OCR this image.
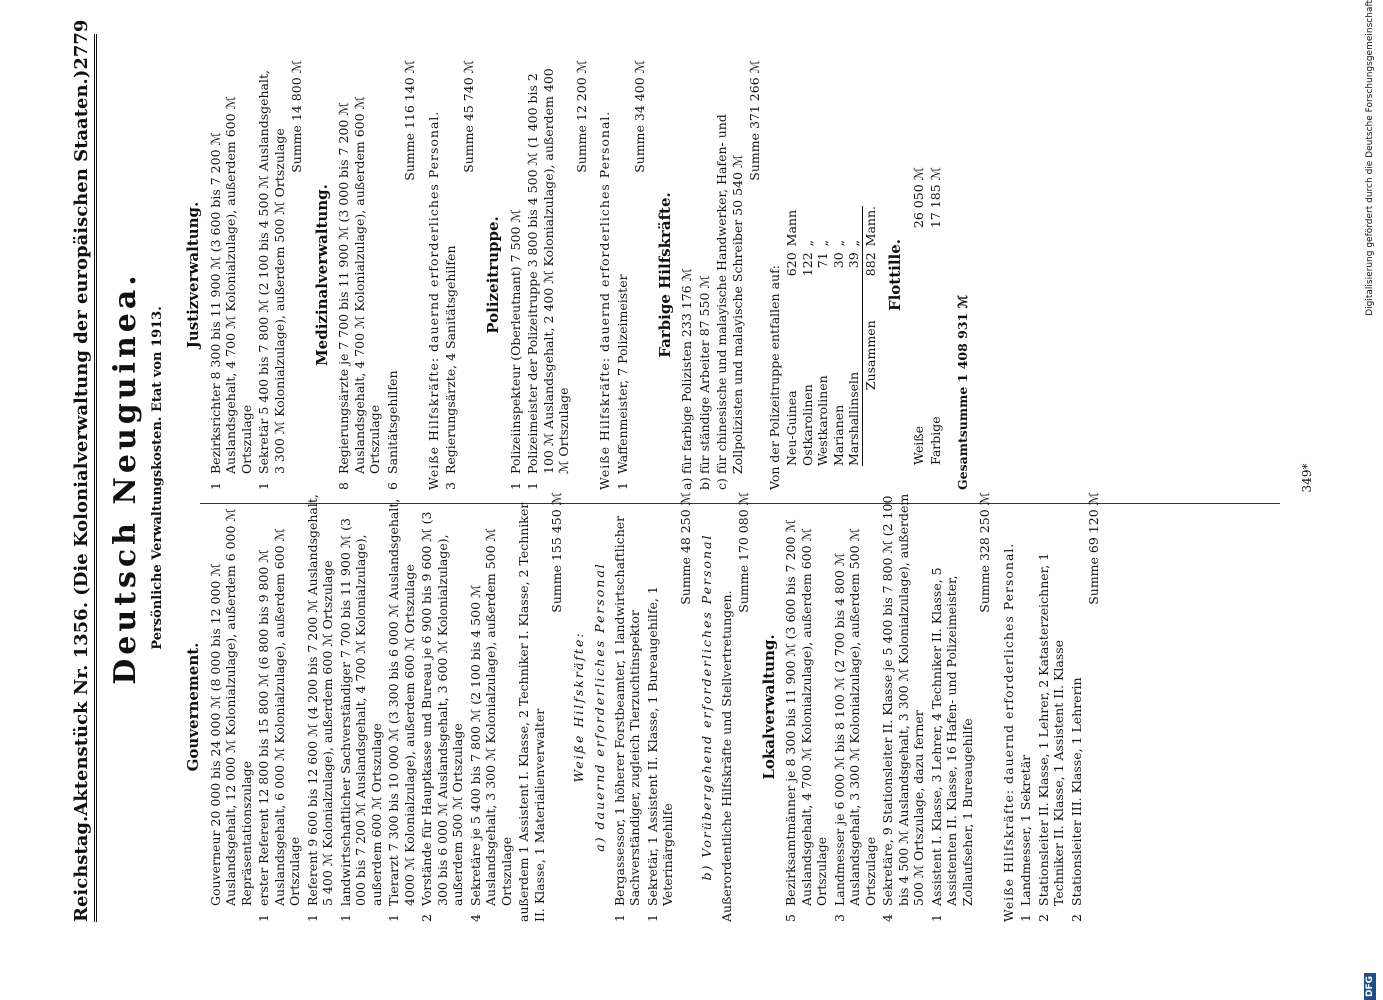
Reichstag.
Aktenstück Nr. 1356. (Die Kolonialverwaltung der europäischen Staaten.)
2779
Deutsch Neuguinea. Persönliche Verwaltungskosten. Etat von 1913.
Gouvernement. Gouverneur 20 000 bis 24 000 ℳ (8 000 bis 12 000 ℳ Auslandsgehalt, 12 000 ℳ Kolonialzulage), außerdem 6 000 ℳ Repräsentationszulage
1
erster Referent 12 800 bis 15 800 ℳ (6 800 bis 9 800 ℳ Auslandsgehalt, 6 000 ℳ Kolonialzulage), außerdem 600 ℳ Ortszulage
1
Referent 9 600 bis 12 600 ℳ (4 200 bis 7 200 ℳ Auslandsgehalt, 5 400 ℳ Kolonialzulage), außerdem 600 ℳ Ortszulage
1
landwirtschaftlicher Sachverständiger 7 700 bis 11 900 ℳ (3 000 bis 7 200 ℳ Auslandsgehalt, 4 700 ℳ Kolonialzulage), außerdem 600 ℳ Ortszulage
1
Tierarzt 7 300 bis 10 000 ℳ (3 300 bis 6 000 ℳ Auslandsgehalt, 4000 ℳ Kolonialzulage), außerdem 600 ℳ Ortszulage
2
Vorstände für Hauptkasse und Bureau je 6 900 bis 9 600 ℳ (3 300 bis 6 000 ℳ Auslandsgehalt, 3 600 ℳ Kolonialzulage), außerdem 500 ℳ Ortszulage
4
Sekretäre je 5 400 bis 7 800 ℳ (2 100 bis 4 500 ℳ Auslandsgehalt, 3 300 ℳ Kolonialzulage), außerdem 500 ℳ Ortszulage außerdem 1 Assistent I. Klasse, 2 Techniker I. Klasse, 2 Techniker II. Klasse, 1 Materialienverwalter
Summe 155 450 ℳ
Weiße Hilfskräfte: a) dauernd erforderliches Personal
1
Bergassessor, 1 höherer Forstbeamter, 1 landwirtschaftlicher Sachverständiger, zugleich Tierzuchtinspektor
1
Sekretär, 1 Assistent II. Klasse, 1 Bureaugehilfe, 1 Veterinärgehilfe
Summe 48 250 ℳ b) Vorübergehend erforderliches Personal Außerordentliche Hilfskräfte und Stellvertretungen.
Summe 170 080 ℳ
Lokalverwaltung.
5
Bezirksamtmänner je 8 300 bis 11 900 ℳ (3 600 bis 7 200 ℳ Auslandsgehalt, 4 700 ℳ Kolonialzulage), außerdem 600 ℳ Ortszulage
3
Landmesser je 6 000 ℳ bis 8 100 ℳ (2 700 bis 4 800 ℳ Auslandsgehalt, 3 300 ℳ Kolonialzulage), außerdem 500 ℳ Ortszulage
4
Sekretäre, 9 Stationsleiter II. Klasse je 5 400 bis 7 800 ℳ (2 100 bis 4 500 ℳ Auslandsgehalt, 3 300 ℳ Kolonialzulage), außerdem 500 ℳ Ortszulage, dazu ferner
1
Assistent I. Klasse, 3 Lehrer, 4 Techniker II. Klasse, 5 Assistenten II. Klasse, 16 Hafen- und Polizeimeister, Zollaufseher, 1 Bureaugehilfe
Summe 328 250 ℳ Weiße Hilfskräfte: dauernd erforderliches Personal. 1
Landmesser, 1 Sekretär
2
Stationsleiter II. Klasse, 1 Lehrer, 2 Katasterzeichner, 1 Techniker II. Klasse, 1 Assistent II. Klasse
2
Stationsleiter III. Klasse, 1 Lehrerin
Summe 69 120 ℳ
Justizverwaltung.
1
Bezirksrichter 8 300 bis 11 900 ℳ (3 600 bis 7 200 ℳ Auslandsgehalt, 4 700 ℳ Kolonialzulage), außerdem 600 ℳ Ortszulage
1
Sekretär 5 400 bis 7 800 ℳ (2 100 bis 4 500 ℳ Auslandsgehalt, 3 300 ℳ Kolonialzulage), außerdem 500 ℳ Ortszulage
Summe 14 800 ℳ
Medizinalverwaltung.
8
Regierungsärzte je 7 700 bis 11 900 ℳ (3 000 bis 7 200 ℳ Auslandsgehalt, 4 700 ℳ Kolonialzulage), außerdem 600 ℳ Ortszulage
6
Sanitätsgehilfen
Summe 116 140 ℳ Weiße Hilfskräfte: dauernd erforderliches Personal. 3
Regierungsärzte, 4 Sanitätsgehilfen
Summe 45 740 ℳ
Polizeitruppe.
1
Polizeiinspekteur (Oberleutnant) 7 500 ℳ
1
Polizeimeister der Polizeitruppe 3 800 bis 4 500 ℳ (1 400 bis 2 100 ℳ Auslandsgehalt, 2 400 ℳ Kolonialzulage), außerdem 400 ℳ Ortszulage
Summe 12 200 ℳ Weiße Hilfskräfte: dauernd erforderliches Personal. 1
Waffenmeister, 7 Polizeimeister
Summe 34 400 ℳ
Farbige Hilfskräfte.
a)
für farbige Polizisten 233 176 ℳ
b)
für ständige Arbeiter 87 550 ℳ
c)
für chinesische und malayische Handwerker, Hafen- und Zollpolizisten und malayische Schreiber 50 540 ℳ
Summe 371 266 ℳ
Von der Polizeitruppe entfallen auf: Neu-Guinea	620	Mann
Ostkarolinen	122	„
Westkarolinen	71	„
Marianen	30	„
Marshallinseln	39	„
Zusammen	882	Mann.
Flottille.
Weiße	26 050 ℳ
Farbige	17 185 ℳ
Gesamtsumme 1 408 931 ℳ	349*
DFG
Digitalisierung gefördert durch die Deutsche Forschungsgemeinschaft
